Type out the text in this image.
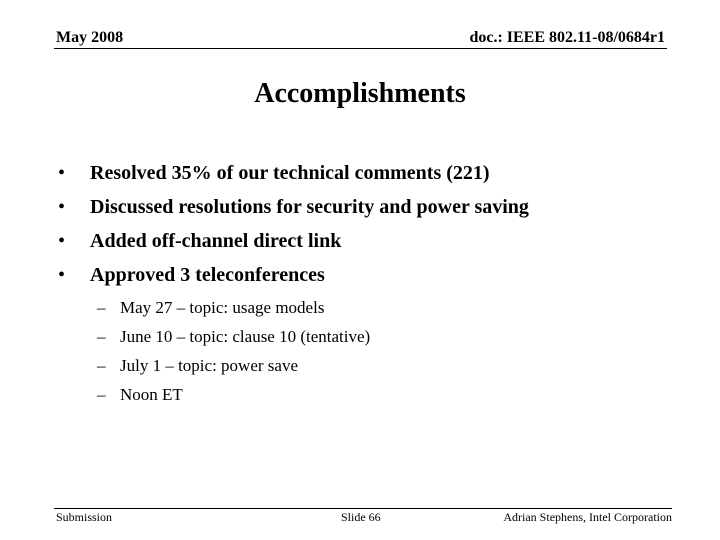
May 2008	doc.: IEEE 802.11-08/0684r1
Accomplishments
• Resolved 35% of our technical comments (221)
• Discussed resolutions for security and power saving
• Added off-channel direct link
• Approved 3 teleconferences
– May 27 – topic: usage models
– June 10 – topic: clause 10 (tentative)
– July 1 – topic: power save
– Noon ET
Submission	Slide 66	Adrian Stephens, Intel Corporation
